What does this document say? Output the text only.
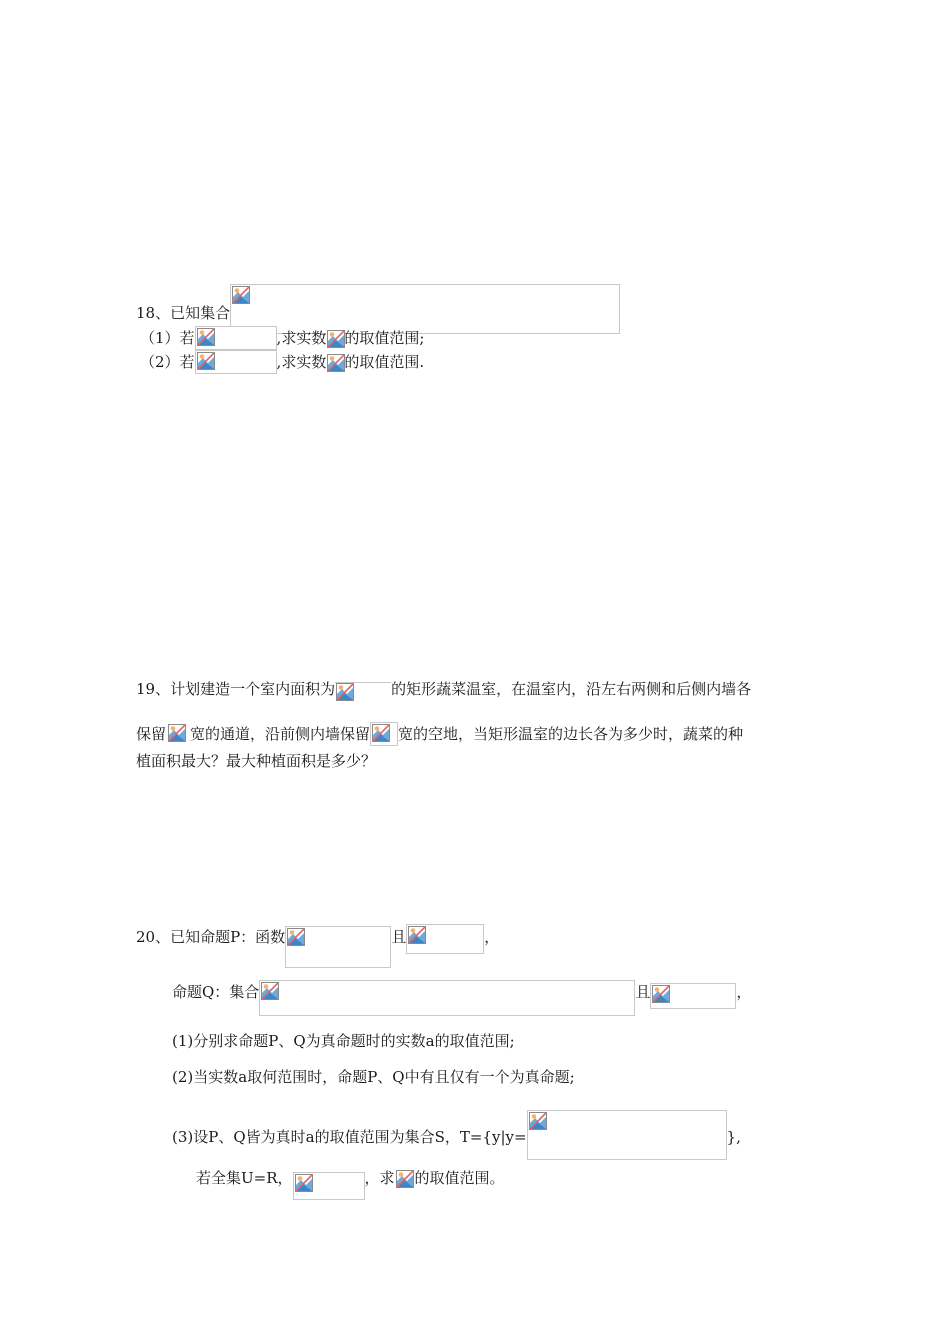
18、已知集合
（1）若	,求实数 的取值范围;
（2）若	,求实数 的取值范围.
19、计划建造一个室内面积为	的矩形蔬菜温室，在温室内，沿左右两侧和后侧内墙各
保留 宽的通道，沿前侧内墙保留 宽的空地，当矩形温室的边长各为多少时，蔬菜的种
植面积最大？最大种植面积是多少？
20、已知命题P：函数	且	，
命题Q：集合	且	，
(1)分别求命题P、Q为真命题时的实数a的取值范围;
(2)当实数a取何范围时，命题P、Q中有且仅有一个为真命题;
(3)设P、Q皆为真时a的取值范围为集合S，T={y|y=	},
若全集U=R，	，求 的取值范围。
